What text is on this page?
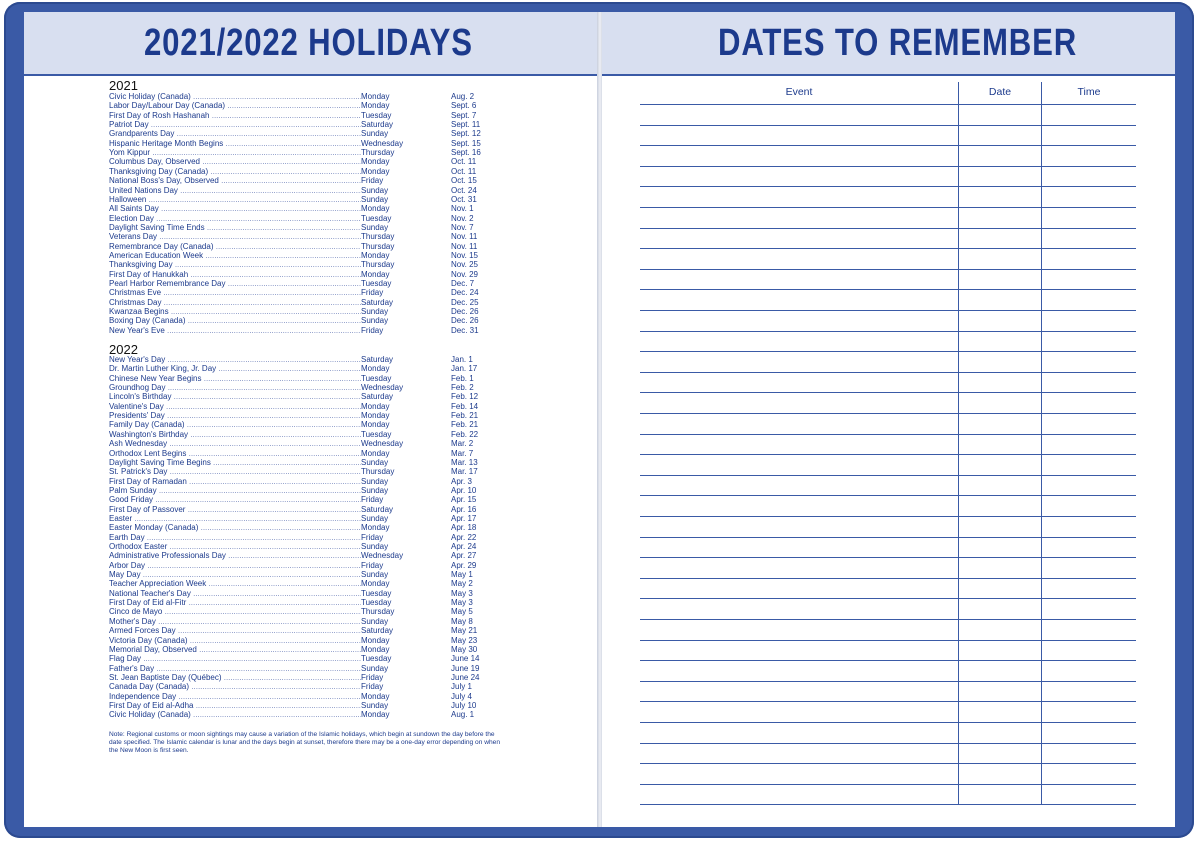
2021/2022 HOLIDAYS
2021
Civic Holiday (Canada) .....	Monday	Aug. 2
Labor Day/Labour Day (Canada) .....	Monday	Sept. 6
First Day of Rosh Hashanah .....	Tuesday	Sept. 7
Patriot Day .....	Saturday	Sept. 11
Grandparents Day .....	Sunday	Sept. 12
Hispanic Heritage Month Begins .....	Wednesday	Sept. 15
Yom Kippur .....	Thursday	Sept. 16
Columbus Day, Observed .....	Monday	Oct. 11
Thanksgiving Day (Canada) .....	Monday	Oct. 11
National Boss's Day, Observed .....	Friday	Oct. 15
United Nations Day .....	Sunday	Oct. 24
Halloween .....	Sunday	Oct. 31
All Saints Day .....	Monday	Nov. 1
Election Day .....	Tuesday	Nov. 2
Daylight Saving Time Ends .....	Sunday	Nov. 7
Veterans Day .....	Thursday	Nov. 11
Remembrance Day (Canada) .....	Thursday	Nov. 11
American Education Week .....	Monday	Nov. 15
Thanksgiving Day .....	Thursday	Nov. 25
First Day of Hanukkah .....	Monday	Nov. 29
Pearl Harbor Remembrance Day .....	Tuesday	Dec. 7
Christmas Eve .....	Friday	Dec. 24
Christmas Day .....	Saturday	Dec. 25
Kwanzaa Begins .....	Sunday	Dec. 26
Boxing Day (Canada) .....	Sunday	Dec. 26
New Year's Eve .....	Friday	Dec. 31
2022
New Year's Day .....	Saturday	Jan. 1
Dr. Martin Luther King, Jr. Day .....	Monday	Jan. 17
Chinese New Year Begins .....	Tuesday	Feb. 1
Groundhog Day .....	Wednesday	Feb. 2
Lincoln's Birthday .....	Saturday	Feb. 12
Valentine's Day .....	Monday	Feb. 14
Presidents' Day .....	Monday	Feb. 21
Family Day (Canada) .....	Monday	Feb. 21
Washington's Birthday .....	Tuesday	Feb. 22
Ash Wednesday .....	Wednesday	Mar. 2
Orthodox Lent Begins .....	Monday	Mar. 7
Daylight Saving Time Begins .....	Sunday	Mar. 13
St. Patrick's Day .....	Thursday	Mar. 17
First Day of Ramadan .....	Sunday	Apr. 3
Palm Sunday .....	Sunday	Apr. 10
Good Friday .....	Friday	Apr. 15
First Day of Passover .....	Saturday	Apr. 16
Easter .....	Sunday	Apr. 17
Easter Monday (Canada) .....	Monday	Apr. 18
Earth Day .....	Friday	Apr. 22
Orthodox Easter .....	Sunday	Apr. 24
Administrative Professionals Day .....	Wednesday	Apr. 27
Arbor Day .....	Friday	Apr. 29
May Day .....	Sunday	May 1
Teacher Appreciation Week .....	Monday	May 2
National Teacher's Day .....	Tuesday	May 3
First Day of Eid al-Fitr .....	Tuesday	May 3
Cinco de Mayo .....	Thursday	May 5
Mother's Day .....	Sunday	May 8
Armed Forces Day .....	Saturday	May 21
Victoria Day (Canada) .....	Monday	May 23
Memorial Day, Observed .....	Monday	May 30
Flag Day .....	Tuesday	June 14
Father's Day .....	Sunday	June 19
St. Jean Baptiste Day (Québec) .....	Friday	June 24
Canada Day (Canada) .....	Friday	July 1
Independence Day .....	Monday	July 4
First Day of Eid al-Adha .....	Sunday	July 10
Civic Holiday (Canada) .....	Monday	Aug. 1
Note: Regional customs or moon sightings may cause a variation of the Islamic holidays, which begin at sundown the day before the date specified. The Islamic calendar is lunar and the days begin at sunset, therefore there may be a one-day error depending on when the New Moon is first seen.
DATES TO REMEMBER
Event	Date	Time
